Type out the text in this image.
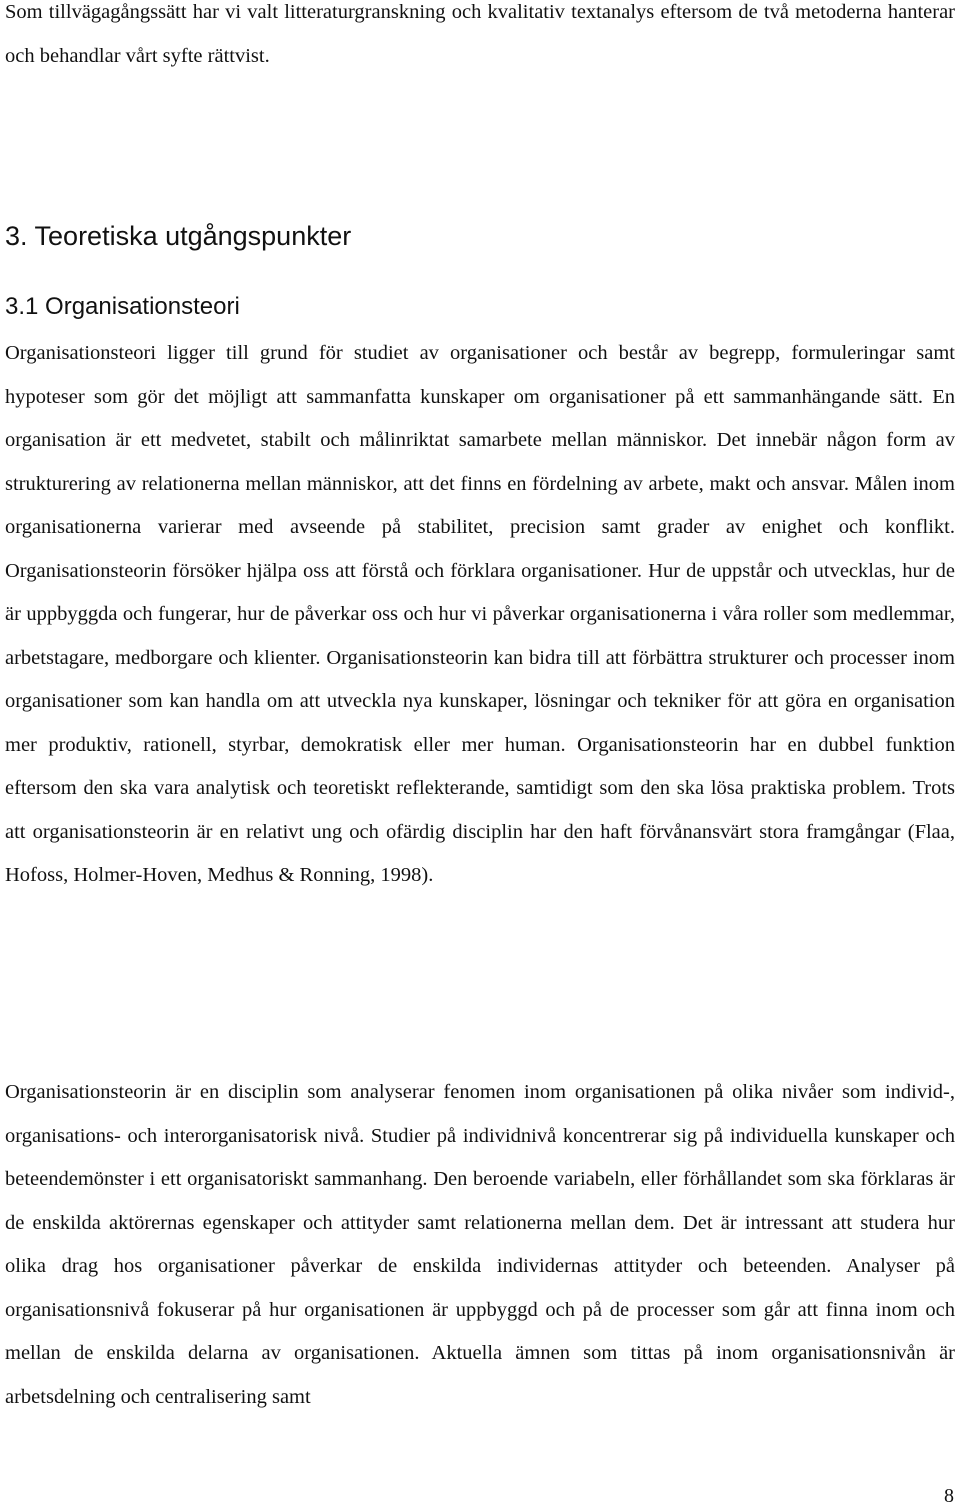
Som tillvägagångssätt har vi valt litteraturgranskning och kvalitativ textanalys eftersom de två metoderna hanterar och behandlar vårt syfte rättvist.

3. Teoretiska utgångspunkter
3.1 Organisationsteori

Organisationsteori ligger till grund för studiet av organisationer och består av begrepp, formuleringar samt hypoteser som gör det möjligt att sammanfatta kunskaper om organisationer på ett sammanhängande sätt. En organisation är ett medvetet, stabilt och målinriktat samarbete mellan människor. Det innebär någon form av strukturering av relationerna mellan människor, att det finns en fördelning av arbete, makt och ansvar. Målen inom organisationerna varierar med avseende på stabilitet, precision samt grader av enighet och konflikt. Organisationsteorin försöker hjälpa oss att förstå och förklara organisationer. Hur de uppstår och utvecklas, hur de är uppbyggda och fungerar, hur de påverkar oss och hur vi påverkar organisationerna i våra roller som medlemmar, arbetstagare, medborgare och klienter. Organisationsteorin kan bidra till att förbättra strukturer och processer inom organisationer som kan handla om att utveckla nya kunskaper, lösningar och tekniker för att göra en organisation mer produktiv, rationell, styrbar, demokratisk eller mer human. Organisationsteorin har en dubbel funktion eftersom den ska vara analytisk och teoretiskt reflekterande, samtidigt som den ska lösa praktiska problem. Trots att organisationsteorin är en relativt ung och ofärdig disciplin har den haft förvånansvärt stora framgångar (Flaa, Hofoss, Holmer-Hoven, Medhus & Ronning, 1998).

Organisationsteorin är en disciplin som analyserar fenomen inom organisationen på olika nivåer som individ-, organisations- och interorganisatorisk nivå. Studier på individnivå koncentrerar sig på individuella kunskaper och beteendemönster i ett organisatoriskt sammanhang. Den beroende variabeln, eller förhållandet som ska förklaras är de enskilda aktörernas egenskaper och attityder samt relationerna mellan dem. Det är intressant att studera hur olika drag hos organisationer påverkar de enskilda individernas attityder och beteenden. Analyser på organisationsnivå fokuserar på hur organisationen är uppbyggd och på de processer som går att finna inom och mellan de enskilda delarna av organisationen. Aktuella ämnen som tittas på inom organisationsnivån är arbetsdelning och centralisering samt

8
